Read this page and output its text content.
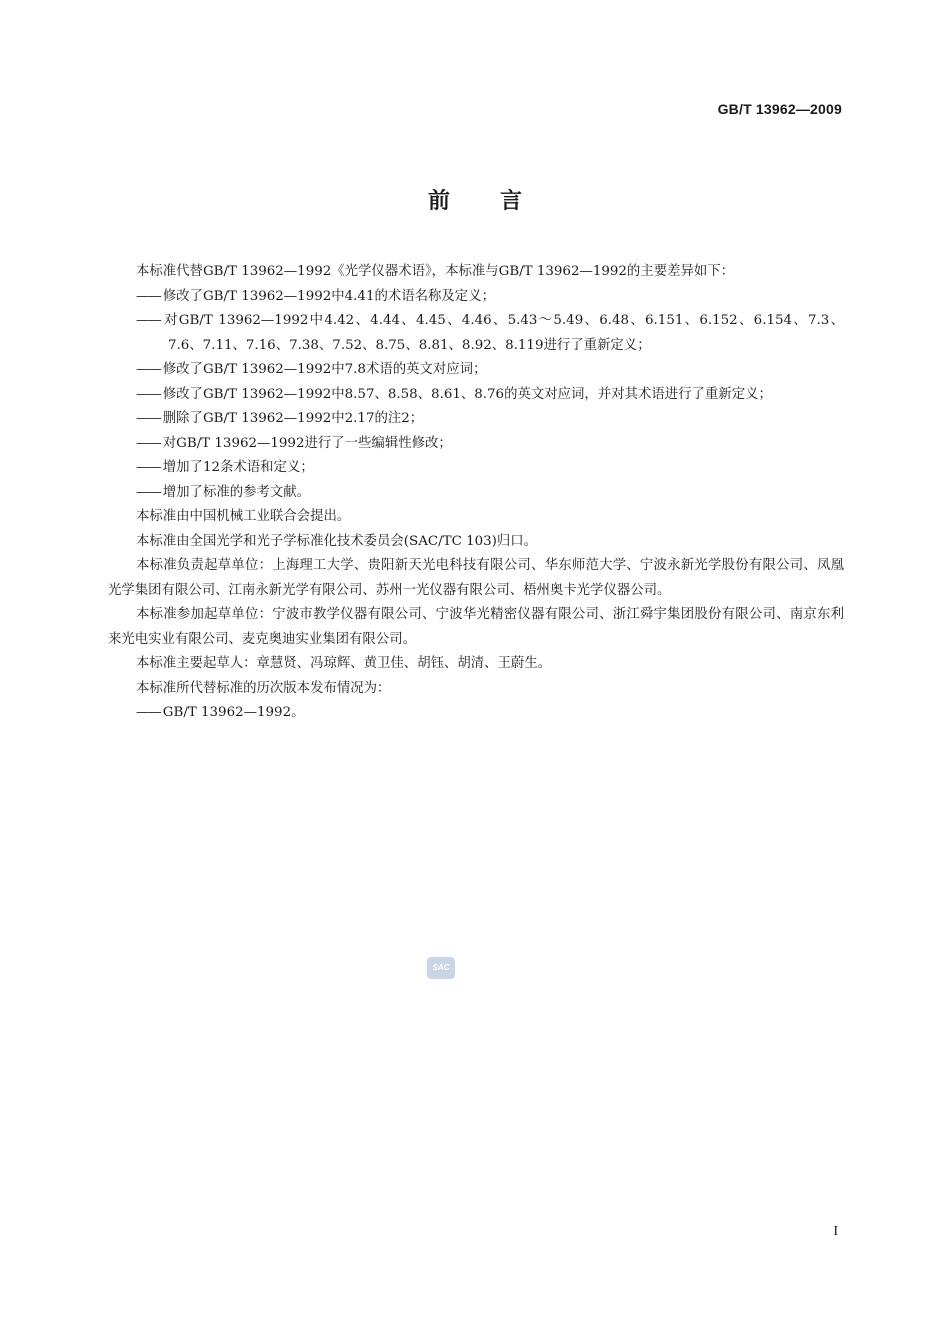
GB/T 13962—2009
前言

本标准代替GB/T 13962—1992《光学仪器术语》，本标准与GB/T 13962—1992的主要差异如下：

—— 修改了GB/T 13962—1992中4.41的术语名称及定义；

—— 对GB/T 13962—1992中4.42、4.44、4.45、4.46、5.43～5.49、6.48、6.151、6.152、6.154、7.3、7.6、7.11、7.16、7.38、7.52、8.75、8.81、8.92、8.119进行了重新定义；

—— 修改了GB/T 13962—1992中7.8术语的英文对应词；

—— 修改了GB/T 13962—1992中8.57、8.58、8.61、8.76的英文对应词，并对其术语进行了重新定义；

—— 删除了GB/T 13962—1992中2.17的注2；

—— 对GB/T 13962—1992进行了一些编辑性修改；

—— 增加了12条术语和定义；

—— 增加了标准的参考文献。

本标准由中国机械工业联合会提出。

本标准由全国光学和光子学标准化技术委员会(SAC/TC 103)归口。

本标准负责起草单位：上海理工大学、贵阳新天光电科技有限公司、华东师范大学、宁波永新光学股份有限公司、凤凰光学集团有限公司、江南永新光学有限公司、苏州一光仪器有限公司、梧州奥卡光学仪器公司。

本标准参加起草单位：宁波市教学仪器有限公司、宁波华光精密仪器有限公司、浙江舜宇集团股份有限公司、南京东利来光电实业有限公司、麦克奥迪实业集团有限公司。

本标准主要起草人：章慧贤、冯琼辉、黄卫佳、胡钰、胡清、王蔚生。

本标准所代替标准的历次版本发布情况为：

—— GB/T 13962—1992。

SAC
I
